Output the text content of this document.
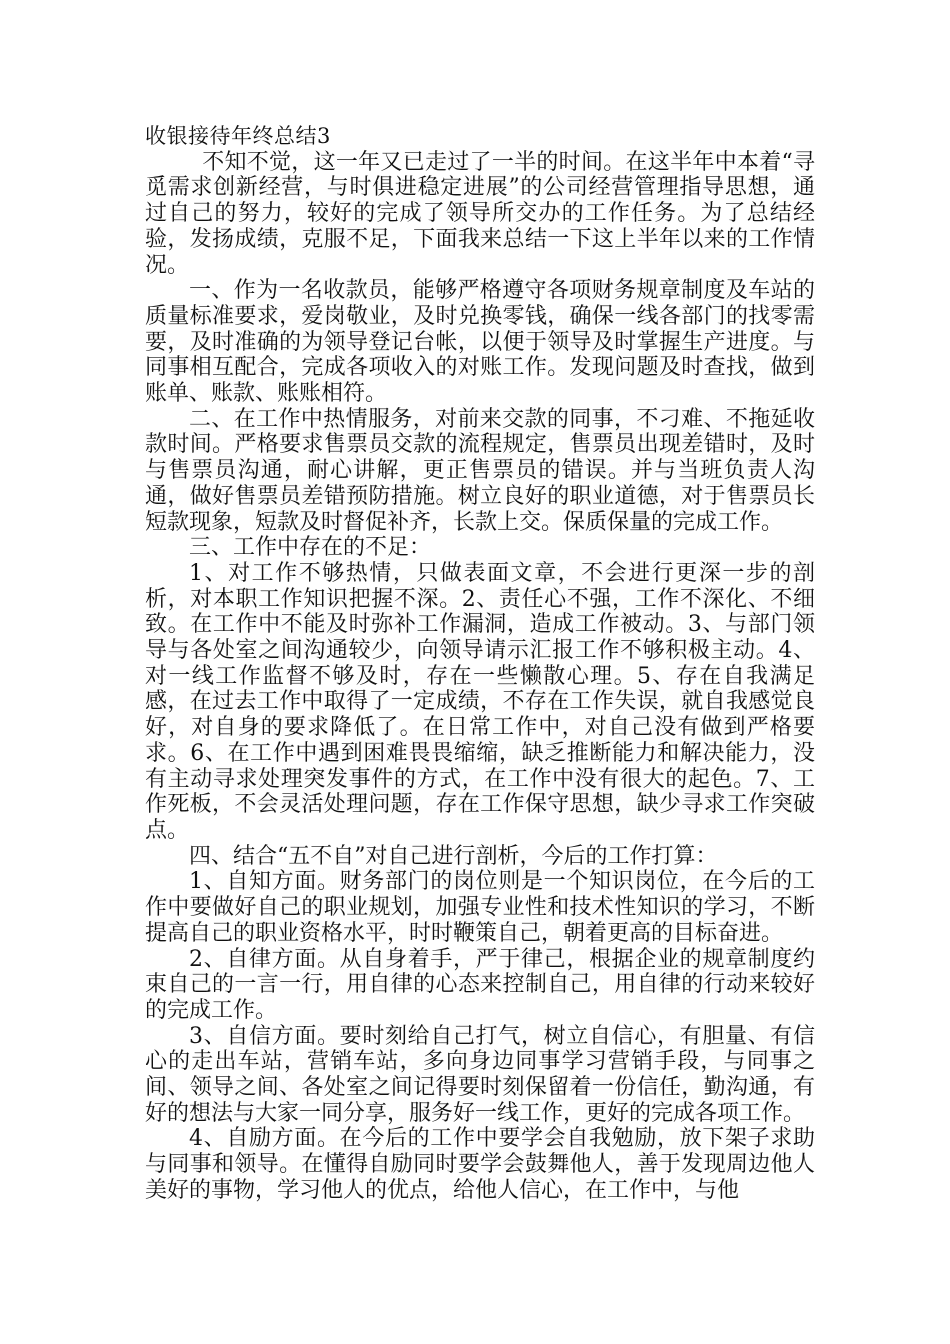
收银接待年终总结3

不知不觉，这一年又已走过了一半的时间。在这半年中本着“寻觅需求创新经营，与时俱进稳定进展”的公司经营管理指导思想，通过自己的努力，较好的完成了领导所交办的工作任务。为了总结经验，发扬成绩，克服不足，下面我来总结一下这上半年以来的工作情况。

一、作为一名收款员，能够严格遵守各项财务规章制度及车站的质量标准要求，爱岗敬业，及时兑换零钱，确保一线各部门的找零需要，及时准确的为领导登记台帐，以便于领导及时掌握生产进度。与同事相互配合，完成各项收入的对账工作。发现问题及时查找，做到账单、账款、账账相符。

二、在工作中热情服务，对前来交款的同事，不刁难、不拖延收款时间。严格要求售票员交款的流程规定，售票员出现差错时，及时与售票员沟通，耐心讲解，更正售票员的错误。并与当班负责人沟通，做好售票员差错预防措施。树立良好的职业道德，对于售票员长短款现象，短款及时督促补齐，长款上交。保质保量的完成工作。

三、工作中存在的不足：

1、对工作不够热情，只做表面文章，不会进行更深一步的剖析，对本职工作知识把握不深。2、责任心不强，工作不深化、不细致。在工作中不能及时弥补工作漏洞，造成工作被动。3、与部门领导与各处室之间沟通较少，向领导请示汇报工作不够积极主动。4、对一线工作监督不够及时，存在一些懒散心理。5、存在自我满足感，在过去工作中取得了一定成绩，不存在工作失误，就自我感觉良好，对自身的要求降低了。在日常工作中，对自己没有做到严格要求。6、在工作中遇到困难畏畏缩缩，缺乏推断能力和解决能力，没有主动寻求处理突发事件的方式，在工作中没有很大的起色。7、工作死板，不会灵活处理问题，存在工作保守思想，缺少寻求工作突破点。

四、结合“五不自”对自己进行剖析，今后的工作打算：

1、自知方面。财务部门的岗位则是一个知识岗位，在今后的工作中要做好自己的职业规划，加强专业性和技术性知识的学习，不断提高自己的职业资格水平，时时鞭策自己，朝着更高的目标奋进。

2、自律方面。从自身着手，严于律己，根据企业的规章制度约束自己的一言一行，用自律的心态来控制自己，用自律的行动来较好的完成工作。

3、自信方面。要时刻给自己打气，树立自信心，有胆量、有信心的走出车站，营销车站，多向身边同事学习营销手段，与同事之间、领导之间、各处室之间记得要时刻保留着一份信任，勤沟通，有好的想法与大家一同分享，服务好一线工作，更好的完成各项工作。

4、自励方面。在今后的工作中要学会自我勉励，放下架子求助与同事和领导。在懂得自励同时要学会鼓舞他人，善于发现周边他人美好的事物，学习他人的优点，给他人信心，在工作中，与他
